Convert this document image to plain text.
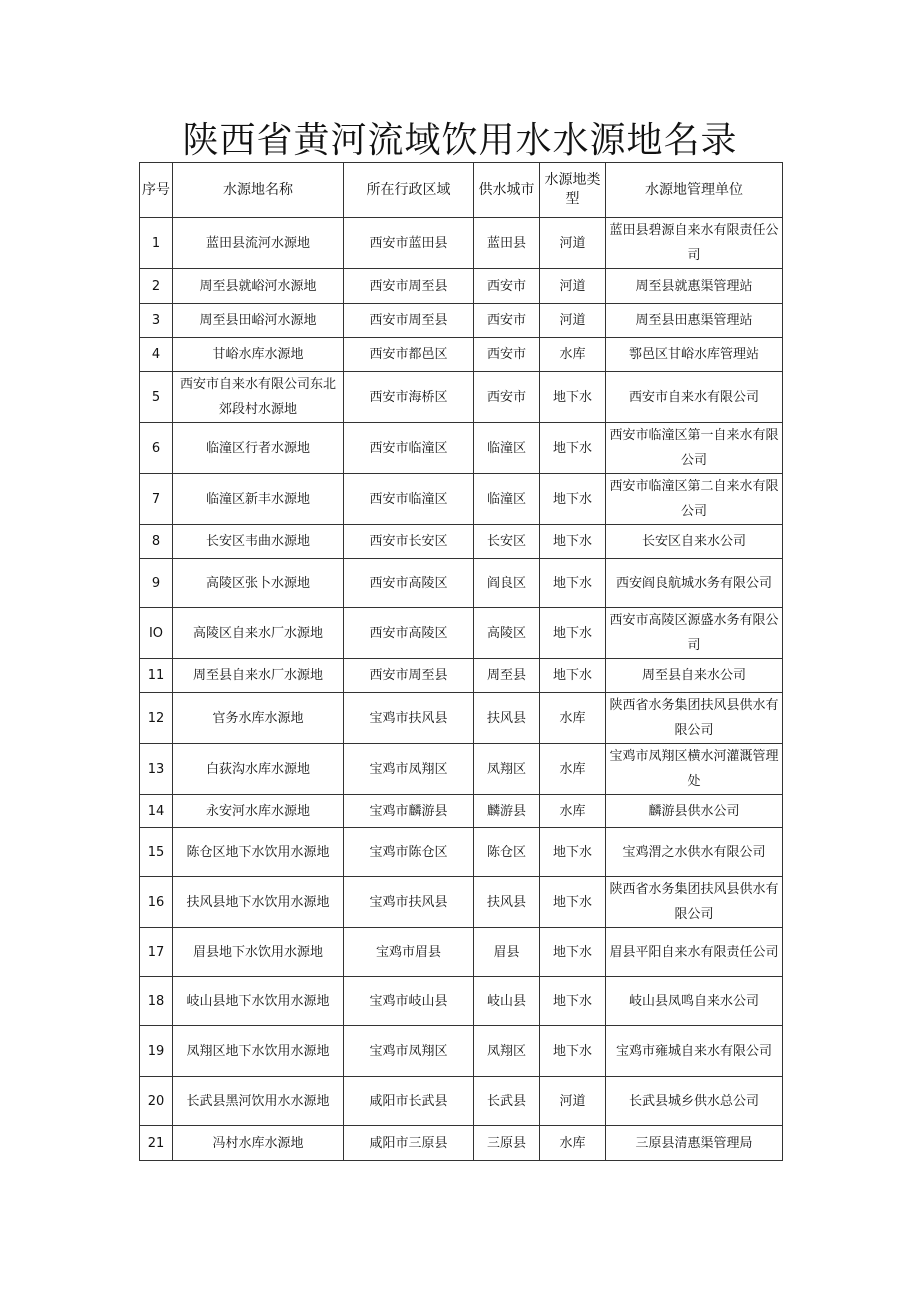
陕西省黄河流域饮用水水源地名录
序号	水源地名称	所在行政区域	供水城市	水源地类型	水源地管理单位
1	蓝田县流河水源地	西安市蓝田县	蓝田县	河道	蓝田县碧源自来水有限责任公司
2	周至县就峪河水源地	西安市周至县	西安市	河道	周至县就惠渠管理站
3	周至县田峪河水源地	西安市周至县	西安市	河道	周至县田惠渠管理站
4	甘峪水库水源地	西安市都邑区	西安市	水库	鄠邑区甘峪水库管理站
5	西安市自来水有限公司东北郊段村水源地	西安市海桥区	西安市	地下水	西安市自来水有限公司
6	临潼区行者水源地	西安市临潼区	临潼区	地下水	西安市临潼区第一自来水有限公司
7	临潼区新丰水源地	西安市临潼区	临潼区	地下水	西安市临潼区第二自来水有限公司
8	长安区韦曲水源地	西安市长安区	长安区	地下水	长安区自来水公司
9	高陵区张卜水源地	西安市高陵区	阎良区	地下水	西安阎良航城水务有限公司
IO	高陵区自来水厂水源地	西安市高陵区	高陵区	地下水	西安市高陵区源盛水务有限公司
11	周至县自来水厂水源地	西安市周至县	周至县	地下水	周至县自来水公司
12	官务水库水源地	宝鸡市扶风县	扶风县	水库	陕西省水务集团扶风县供水有限公司
13	白荻沟水库水源地	宝鸡市凤翔区	凤翔区	水库	宝鸡市凤翔区横水河灌溉管理处
14	永安河水库水源地	宝鸡市麟游县	麟游县	水库	麟游县供水公司
15	陈仓区地下水饮用水源地	宝鸡市陈仓区	陈仓区	地下水	宝鸡渭之水供水有限公司
16	扶风县地下水饮用水源地	宝鸡市扶风县	扶风县	地下水	陕西省水务集团扶风县供水有限公司
17	眉县地下水饮用水源地	宝鸡市眉县	眉县	地下水	眉县平阳自来水有限责任公司
18	岐山县地下水饮用水源地	宝鸡市岐山县	岐山县	地下水	岐山县凤鸣自来水公司
19	凤翔区地下水饮用水源地	宝鸡市凤翔区	凤翔区	地下水	宝鸡市雍城自来水有限公司
20	长武县黑河饮用水水源地	咸阳市长武县	长武县	河道	长武县城乡供水总公司
21	冯村水库水源地	咸阳市三原县	三原县	水库	三原县清惠渠管理局
